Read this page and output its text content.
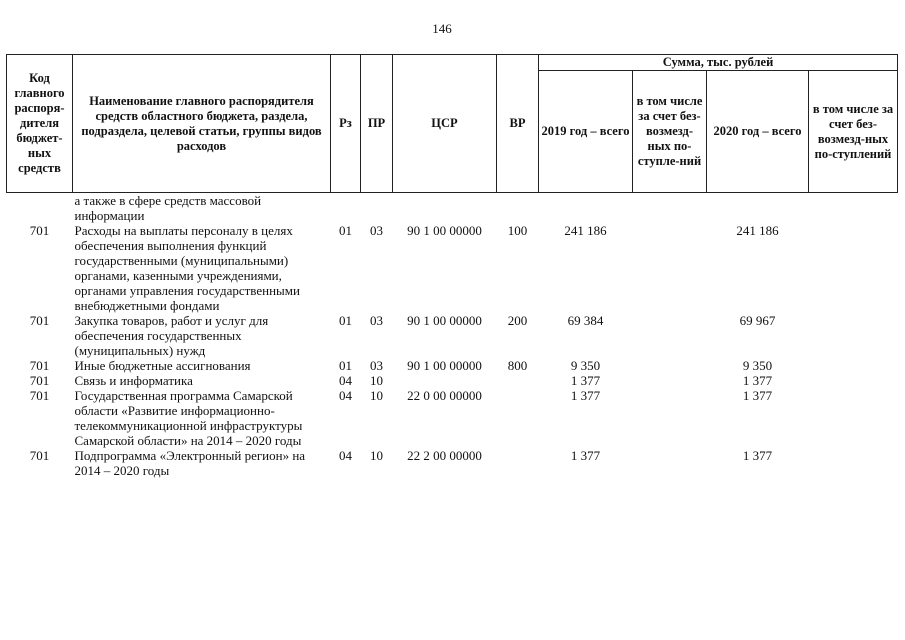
146
Код главного распоря-дителя бюджет-ных средств	Наименование главного распорядителя средств областного бюджета, раздела, подраздела, целевой статьи, группы видов расходов	Рз	ПР	ЦСР	ВР	Сумма, тыс. рублей			
						2019 год – всего	в том числе за счет без-возмезд-ных по-ступле-ний	2020 год – всего	в том числе за счет без-возмезд-ных по-ступлений
	а также в сфере средств массовой информации								
701	Расходы на выплаты персоналу в целях обеспечения выполнения функций государственными (муниципальными) органами, казенными учреждениями, органами управления государственными внебюджетными фондами	01	03	90 1 00 00000	100	241 186		241 186	
701	Закупка товаров, работ и услуг для обеспечения государственных (муниципальных) нужд	01	03	90 1 00 00000	200	69 384		69 967	
701	Иные бюджетные ассигнования	01	03	90 1 00 00000	800	9 350		9 350	
701	Связь и информатика	04	10			1 377		1 377	
701	Государственная программа Самарской области «Развитие информационно-телекоммуникационной инфраструктуры Самарской области» на 2014 – 2020 годы	04	10	22 0 00 00000		1 377		1 377	
701	Подпрограмма «Электронный регион» на 2014 – 2020 годы	04	10	22 2 00 00000		1 377		1 377	
